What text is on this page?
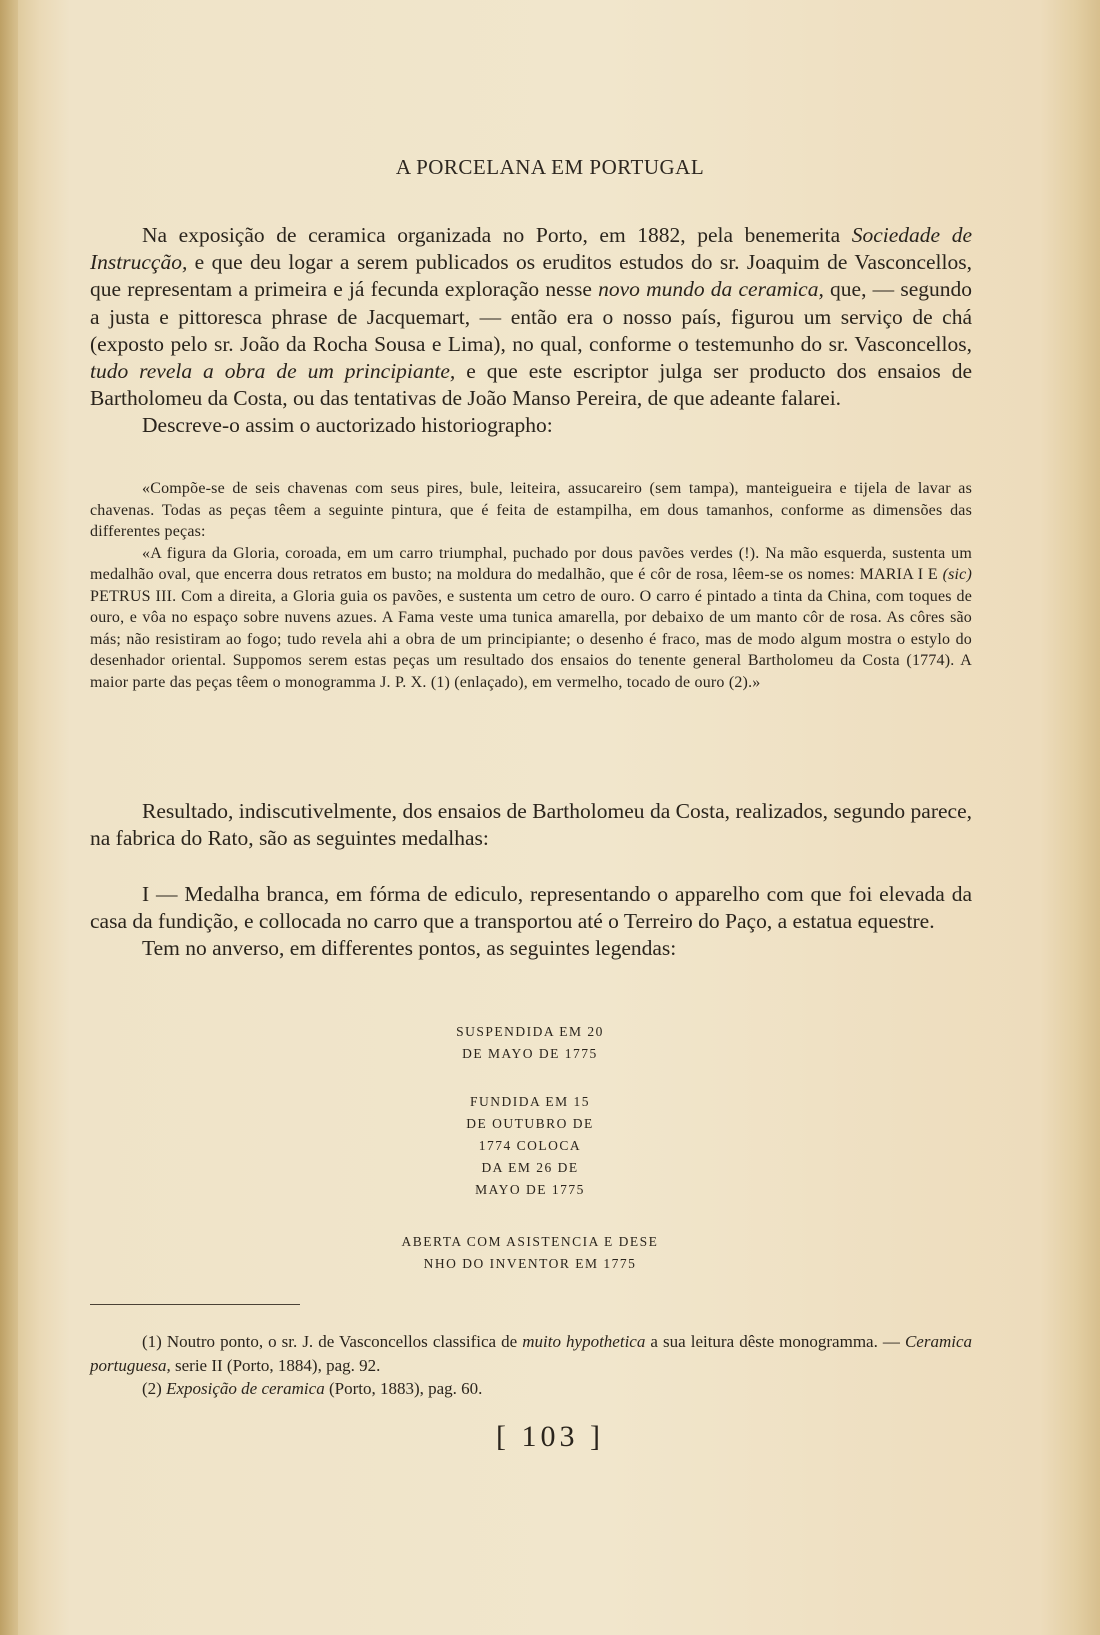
A PORCELANA EM PORTUGAL

Na exposição de ceramica organizada no Porto, em 1882, pela benemerita Sociedade de Instrucção, e que deu logar a serem publicados os eruditos estudos do sr. Joaquim de Vasconcellos, que representam a primeira e já fecunda exploração nesse novo mundo da ceramica, que, — segundo a justa e pittoresca phrase de Jacquemart, — então era o nosso país, figurou um serviço de chá (exposto pelo sr. João da Rocha Sousa e Lima), no qual, conforme o testemunho do sr. Vasconcellos, tudo revela a obra de um principiante, e que este escriptor julga ser producto dos ensaios de Bartholomeu da Costa, ou das tentativas de João Manso Pereira, de que adeante falarei.

Descreve-o assim o auctorizado historiographo:

«Compõe-se de seis chavenas com seus pires, bule, leiteira, assucareiro (sem tampa), manteigueira e tijela de lavar as chavenas. Todas as peças têem a seguinte pintura, que é feita de estampilha, em dous tamanhos, conforme as dimensões das differentes peças:

«A figura da Gloria, coroada, em um carro triumphal, puchado por dous pavões verdes (!). Na mão esquerda, sustenta um medalhão oval, que encerra dous retratos em busto; na moldura do medalhão, que é côr de rosa, lêem-se os nomes: MARIA I E (sic) PETRUS III. Com a direita, a Gloria guia os pavões, e sustenta um cetro de ouro. O carro é pintado a tinta da China, com toques de ouro, e vôa no espaço sobre nuvens azues. A Fama veste uma tunica amarella, por debaixo de um manto côr de rosa. As côres são más; não resistiram ao fogo; tudo revela ahi a obra de um principiante; o desenho é fraco, mas de modo algum mostra o estylo do desenhador oriental. Suppomos serem estas peças um resultado dos ensaios do tenente general Bartholomeu da Costa (1774). A maior parte das peças têem o monogramma J. P. X. (1) (enlaçado), em vermelho, tocado de ouro (2).»

Resultado, indiscutivelmente, dos ensaios de Bartholomeu da Costa, realizados, segundo parece, na fabrica do Rato, são as seguintes medalhas:

I — Medalha branca, em fórma de ediculo, representando o apparelho com que foi elevada da casa da fundição, e collocada no carro que a transportou até o Terreiro do Paço, a estatua equestre.

Tem no anverso, em differentes pontos, as seguintes legendas:

SUSPENDIDA EM 20
DE MAYO DE 1775
FUNDIDA EM 15
DE OUTUBRO DE
1774 COLOCA
DA EM 26 DE
MAYO DE 1775
ABERTA COM ASISTENCIA E DESE
NHO DO INVENTOR EM 1775

(1) Noutro ponto, o sr. J. de Vasconcellos classifica de muito hypothetica a sua leitura dêste monogramma. — Ceramica portuguesa, serie II (Porto, 1884), pag. 92.

(2) Exposição de ceramica (Porto, 1883), pag. 60.

[ 103 ]
